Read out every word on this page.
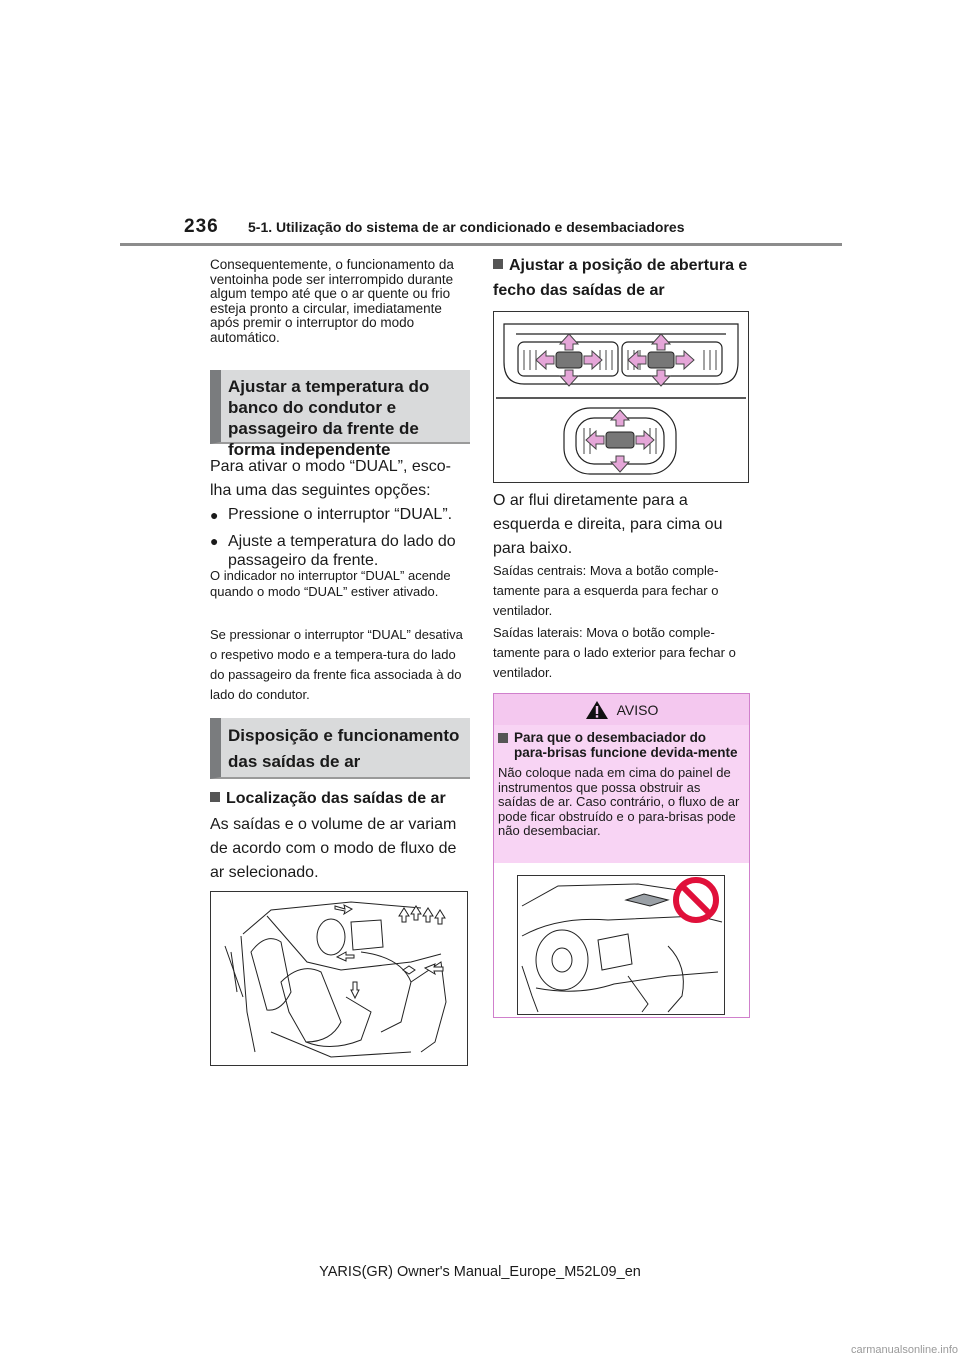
236 5-1. Utilização do sistema de ar condicionado e desembaciadores
Consequentemente, o funcionamento da ventoinha pode ser interrompido durante algum tempo até que o ar quente ou frio esteja pronto a circular, imediatamente após premir o interruptor do modo automático.
Ajustar a temperatura do banco do condutor e passageiro da frente de forma independente
Para ativar o modo “DUAL”, esco-lha uma das seguintes opções:
● Pressione o interruptor “DUAL”.
● Ajuste a temperatura do lado do passageiro da frente.
O indicador no interruptor “DUAL” acende quando o modo “DUAL” estiver ativado.
Se pressionar o interruptor “DUAL” desativa o respetivo modo e a tempera-tura do lado do passageiro da frente fica associada à do lado do condutor.
Disposição e funcionamento das saídas de ar
Localização das saídas de ar
As saídas e o volume de ar variam de acordo com o modo de fluxo de ar selecionado.
Ajustar a posição de abertura e fecho das saídas de ar
O ar flui diretamente para a esquerda e direita, para cima ou para baixo.
Saídas centrais: Mova a botão comple-tamente para a esquerda para fechar o ventilador.
Saídas laterais: Mova o botão comple-tamente para o lado exterior para fechar o ventilador.
AVISO
Para que o desembaciador do para-brisas funcione devida-mente
Não coloque nada em cima do painel de instrumentos que possa obstruir as saídas de ar. Caso contrário, o fluxo de ar pode ficar obstruído e o para-brisas pode não desembaciar.
YARIS(GR) Owner's Manual_Europe_M52L09_en
carmanualsonline.info
